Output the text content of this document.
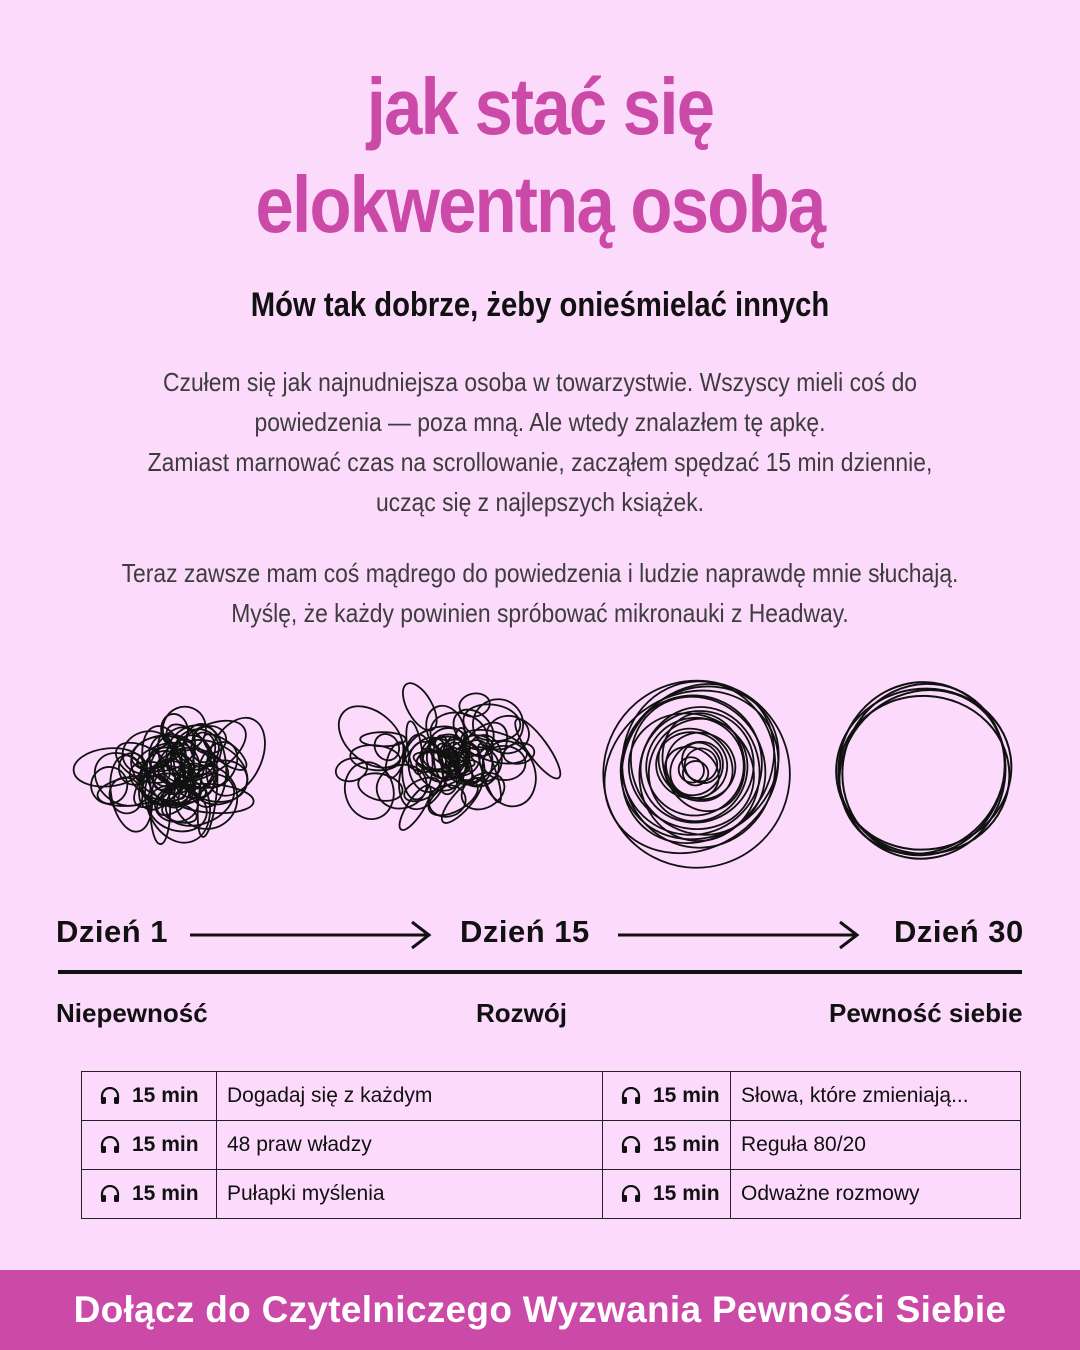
jak stać się
elokwentną osobą
Mów tak dobrze, żeby onieśmielać innych
Czułem się jak najnudniejsza osoba w towarzystwie. Wszyscy mieli coś do
powiedzenia — poza mną. Ale wtedy znalazłem tę apkę.
Zamiast marnować czas na scrollowanie, zacząłem spędzać 15 min dziennie,
ucząc się z najlepszych książek.
Teraz zawsze mam coś mądrego do powiedzenia i ludzie naprawdę mnie słuchają.
Myślę, że każdy powinien spróbować mikronauki z Headway.
Dzień 1	Dzień 15	Dzień 30
Niepewność	Rozwój	Pewność siebie
15 min	Dogadaj się z każdym	15 min	Słowa, które zmieniają...
15 min	48 praw władzy	15 min	Reguła 80/20
15 min	Pułapki myślenia	15 min	Odważne rozmowy
Dołącz do Czytelniczego Wyzwania Pewności Siebie
